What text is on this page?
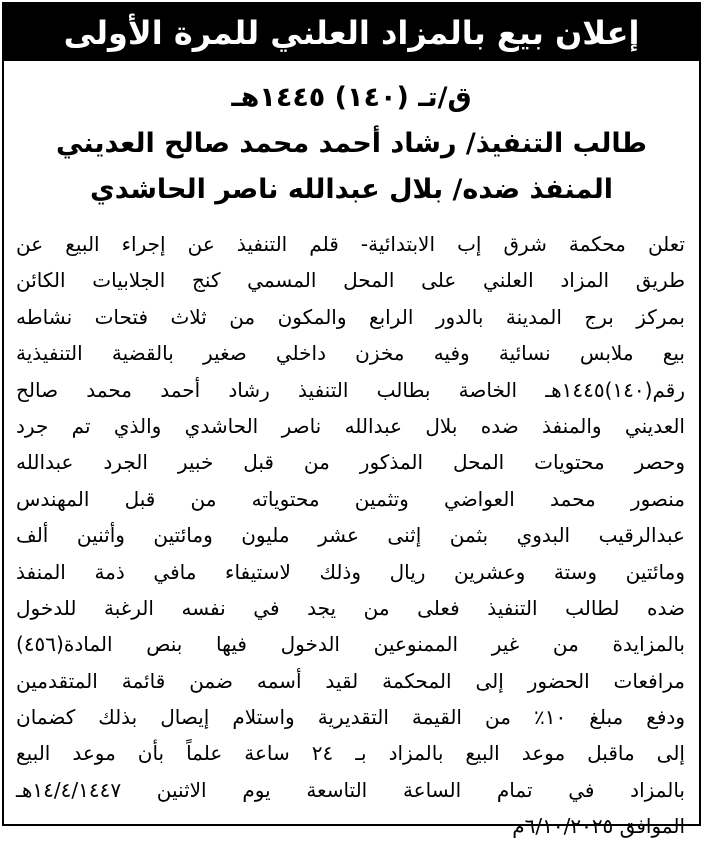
إعلان بيع بالمزاد العلني للمرة الأولى
ق/تـ (١٤٠) ١٤٤٥هـ
طالب التنفيذ/ رشاد أحمد محمد صالح العديني
المنفذ ضده/ بلال عبدالله ناصر الحاشدي
تعلن محكمة شرق إب الابتدائية- قلم التنفيذ عن إجراء البيع عن
طريق المزاد العلني على المحل المسمي كنج الجلابيات الكائن
بمركز برج المدينة بالدور الرابع والمكون من ثلاث فتحات نشاطه
بيع ملابس نسائية وفيه مخزن داخلي صغير بالقضية التنفيذية
رقم(١٤٠)١٤٤٥هـ الخاصة بطالب التنفيذ رشاد أحمد محمد صالح
العديني والمنفذ ضده بلال عبدالله ناصر الحاشدي والذي تم جرد
وحصر محتويات المحل المذكور من قبل خبير الجرد عبدالله
منصور محمد العواضي وتثمين محتوياته من قبل المهندس
عبدالرقيب البدوي بثمن إثنى عشر مليون ومائتين وأثنين ألف
ومائتين وستة وعشرين ريال وذلك لاستيفاء مافي ذمة المنفذ
ضده لطالب التنفيذ فعلى من يجد في نفسه الرغبة للدخول
بالمزايدة من غير الممنوعين الدخول فيها بنص المادة(٤٥٦)
مرافعات الحضور إلى المحكمة لقيد أسمه ضمن قائمة المتقدمين
ودفع مبلغ ١٠٪ من القيمة التقديرية واستلام إيصال بذلك كضمان
إلى ماقبل موعد البيع بالمزاد بـ ٢٤ ساعة علماً بأن موعد البيع
بالمزاد في تمام الساعة التاسعة يوم الاثنين ١٤/٤/١٤٤٧هـ
الموافق ٦/١٠/٢٠٢٥م
